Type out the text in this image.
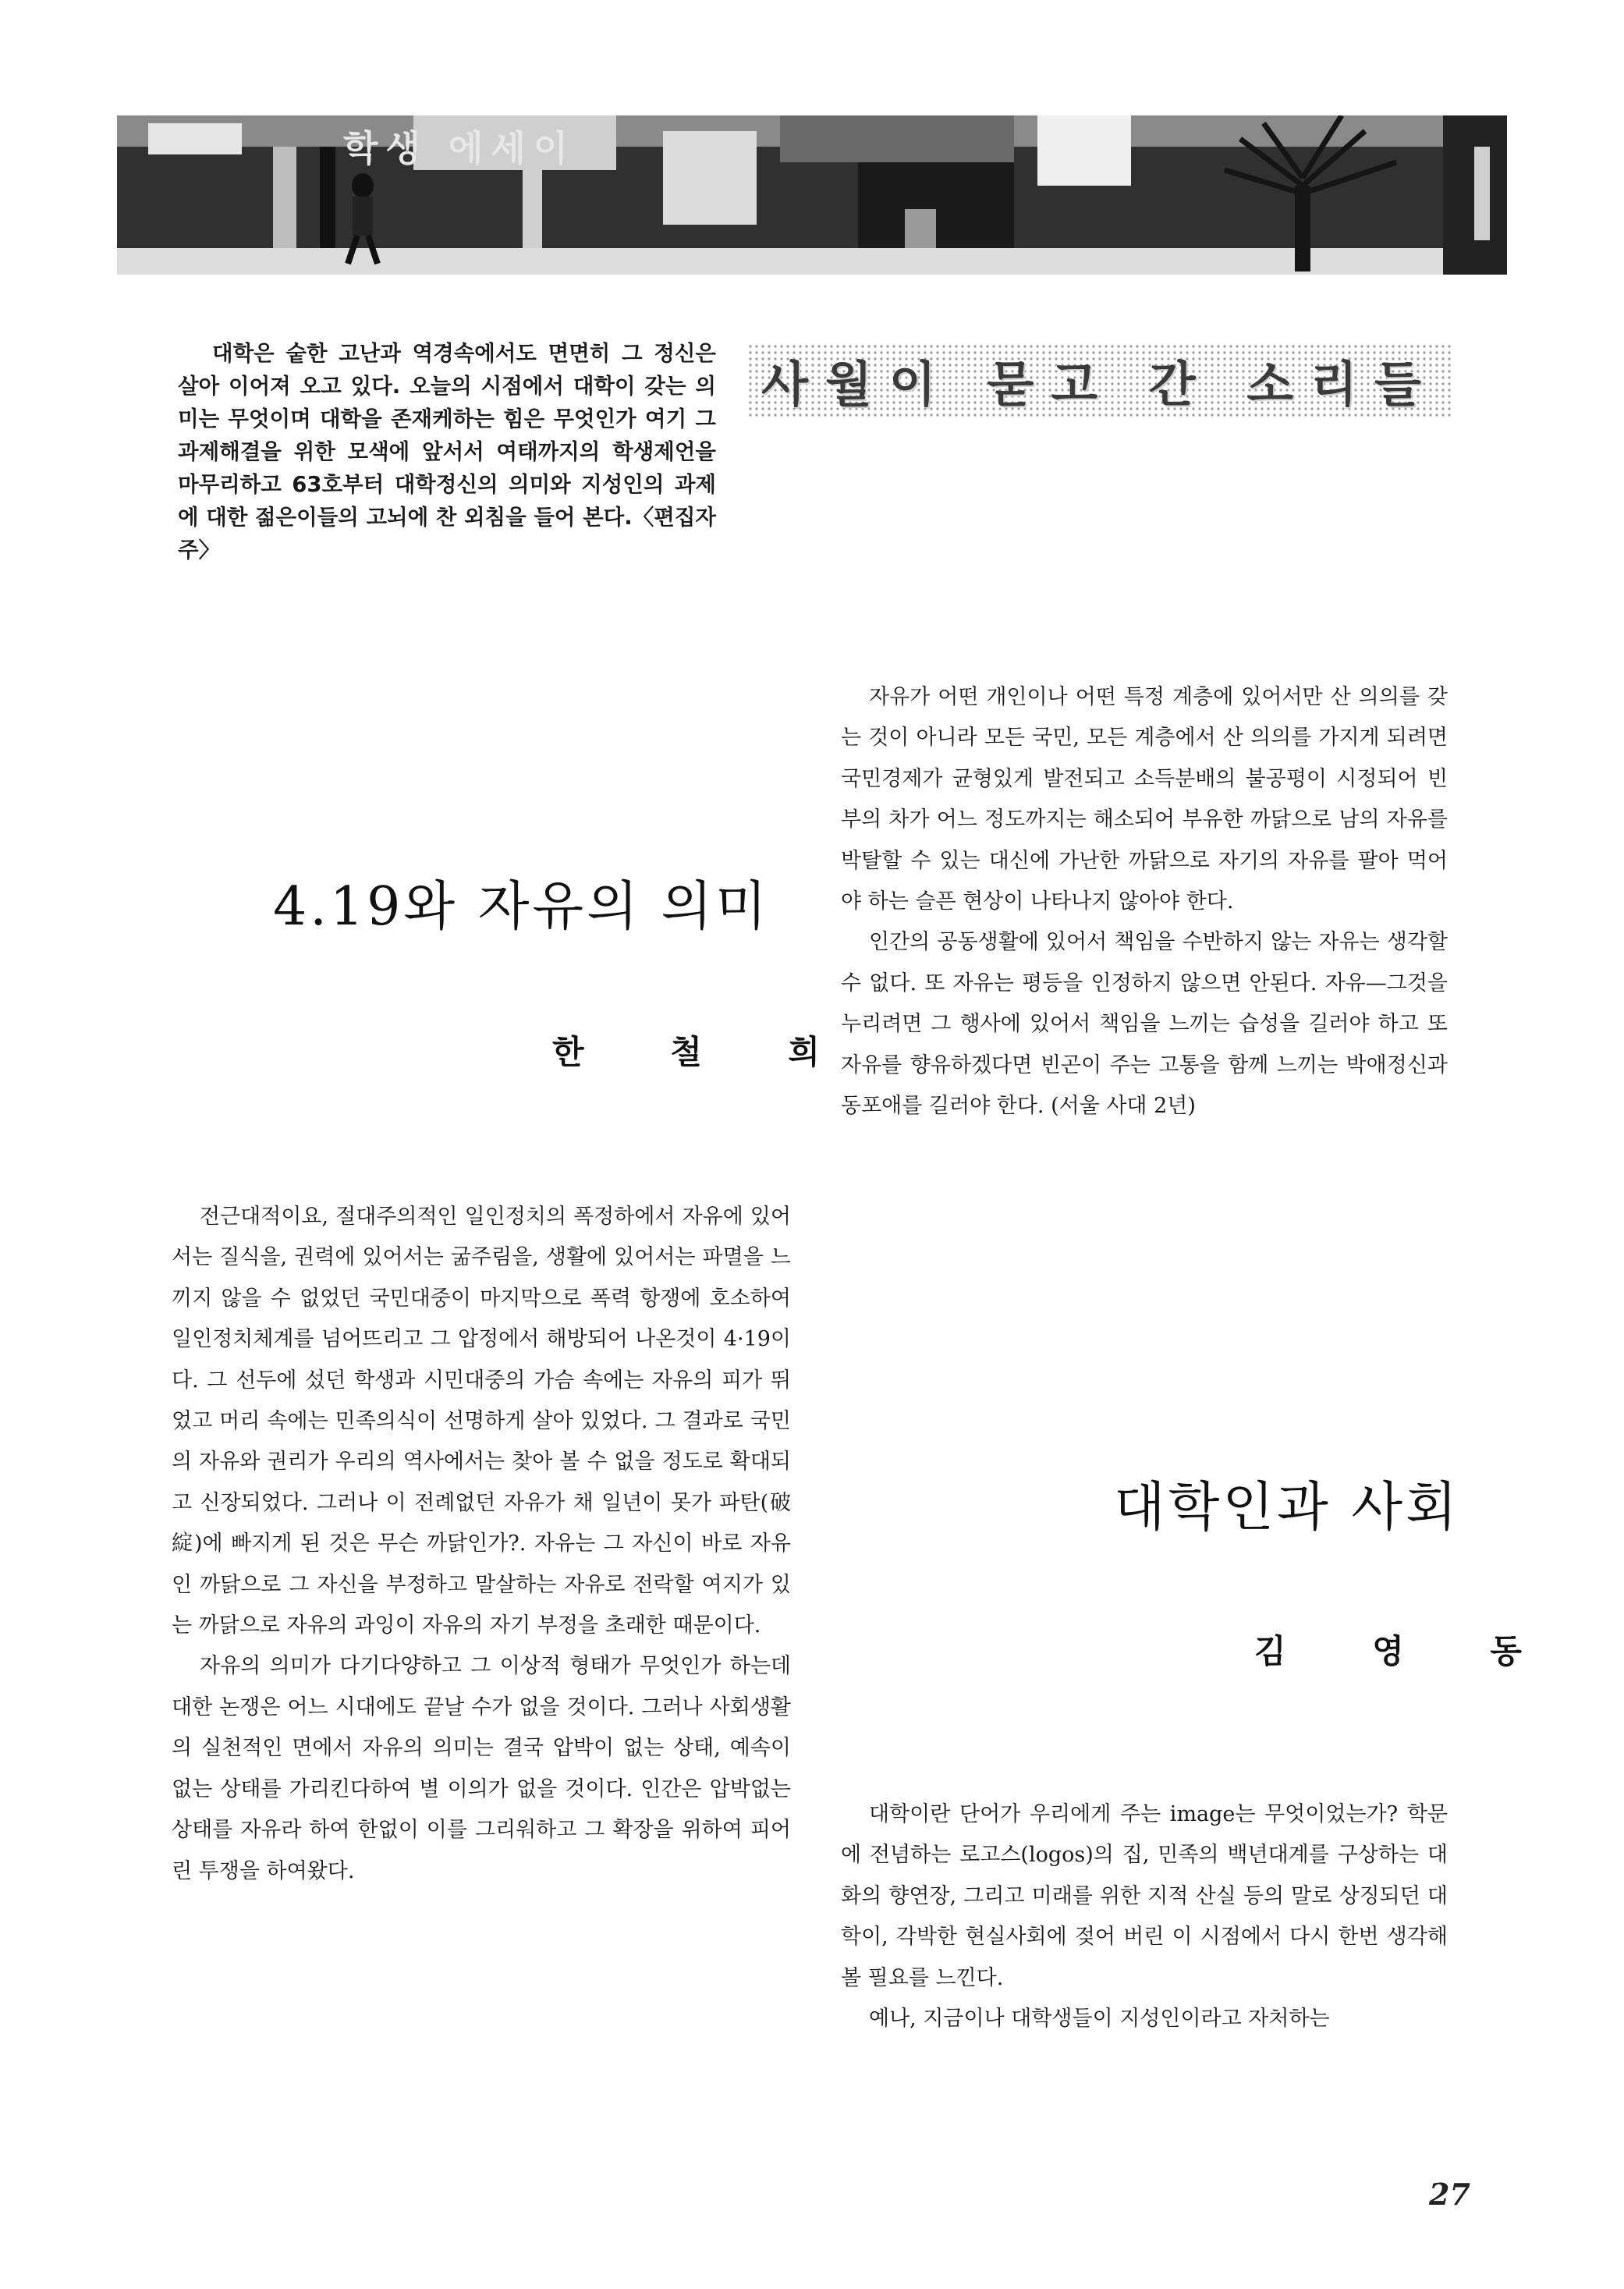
학생 에세이
대학은 숱한 고난과 역경속에서도 면면히 그 정신은 살아 이어져 오고 있다. 오늘의 시점에서 대학이 갖는 의미는 무엇이며 대학을 존재케하는 힘은 무엇인가 여기 그 과제해결을 위한 모색에 앞서서 여태까지의 학생제언을 마무리하고 63호부터 대학정신의 의미와 지성인의 과제에 대한 젊은이들의 고뇌에 찬 외침을 들어 본다.〈편집자 주〉
사월이 묻고 간 소리들
4.19와 자유의 의미
한 철 희

전근대적이요, 절대주의적인 일인정치의 폭정하에서 자유에 있어서는 질식을, 권력에 있어서는 굶주림을, 생활에 있어서는 파멸을 느끼지 않을 수 없었던 국민대중이 마지막으로 폭력 항쟁에 호소하여 일인정치체계를 넘어뜨리고 그 압정에서 해방되어 나온것이 4·19이다. 그 선두에 섰던 학생과 시민대중의 가슴 속에는 자유의 피가 뛰었고 머리 속에는 민족의식이 선명하게 살아 있었다. 그 결과로 국민의 자유와 권리가 우리의 역사에서는 찾아 볼 수 없을 정도로 확대되고 신장되었다. 그러나 이 전례없던 자유가 채 일년이 못가 파탄(破綻)에 빠지게 된 것은 무슨 까닭인가?. 자유는 그 자신이 바로 자유인 까닭으로 그 자신을 부정하고 말살하는 자유로 전락할 여지가 있는 까닭으로 자유의 과잉이 자유의 자기 부정을 초래한 때문이다.

자유의 의미가 다기다양하고 그 이상적 형태가 무엇인가 하는데 대한 논쟁은 어느 시대에도 끝날 수가 없을 것이다. 그러나 사회생활의 실천적인 면에서 자유의 의미는 결국 압박이 없는 상태, 예속이 없는 상태를 가리킨다하여 별 이의가 없을 것이다. 인간은 압박없는 상태를 자유라 하여 한없이 이를 그리워하고 그 확장을 위하여 피어린 투쟁을 하여왔다.

자유가 어떤 개인이나 어떤 특정 계층에 있어서만 산 의의를 갖는 것이 아니라 모든 국민, 모든 계층에서 산 의의를 가지게 되려면 국민경제가 균형있게 발전되고 소득분배의 불공평이 시정되어 빈부의 차가 어느 정도까지는 해소되어 부유한 까닭으로 남의 자유를 박탈할 수 있는 대신에 가난한 까닭으로 자기의 자유를 팔아 먹어야 하는 슬픈 현상이 나타나지 않아야 한다.

인간의 공동생활에 있어서 책임을 수반하지 않는 자유는 생각할 수 없다. 또 자유는 평등을 인정하지 않으면 안된다. 자유—그것을 누리려면 그 행사에 있어서 책임을 느끼는 습성을 길러야 하고 또 자유를 향유하겠다면 빈곤이 주는 고통을 함께 느끼는 박애정신과 동포애를 길러야 한다. (서울 사대 2년)

대학인과 사회
김 영 동

대학이란 단어가 우리에게 주는 image는 무엇이었는가? 학문에 전념하는 로고스(logos)의 집, 민족의 백년대계를 구상하는 대화의 향연장, 그리고 미래를 위한 지적 산실 등의 말로 상징되던 대학이, 각박한 현실사회에 젖어 버린 이 시점에서 다시 한번 생각해 볼 필요를 느낀다.

예나, 지금이나 대학생들이 지성인이라고 자처하는

27
